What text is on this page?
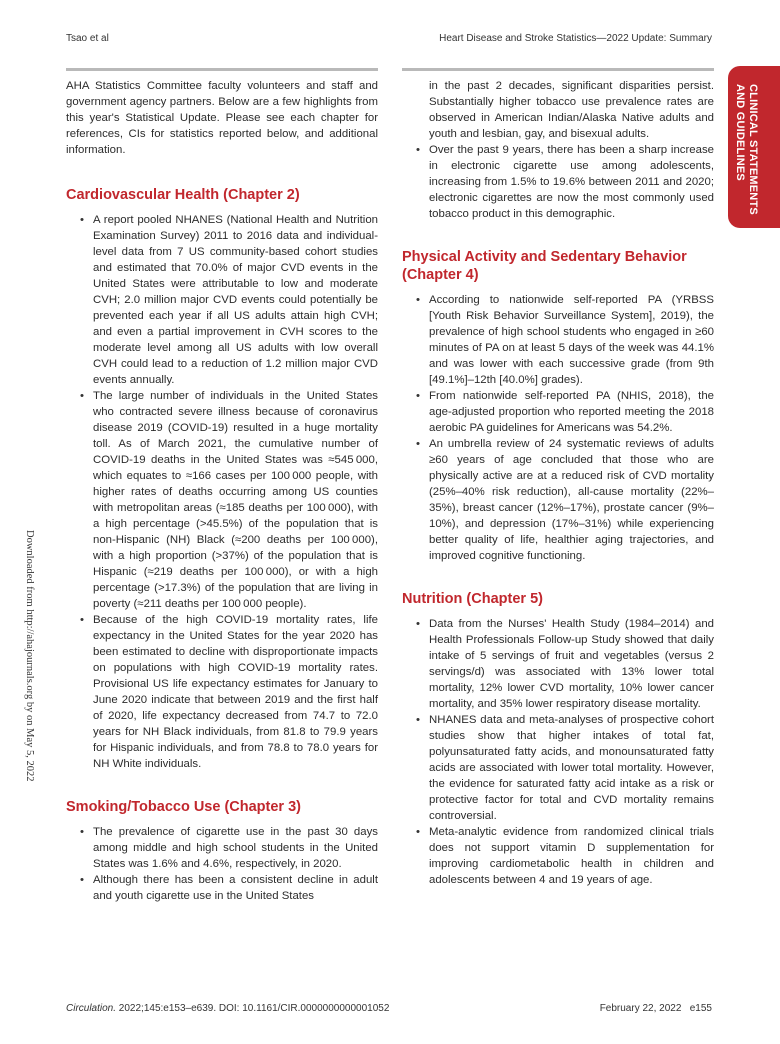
Tsao et al	Heart Disease and Stroke Statistics—2022 Update: Summary
CLINICAL STATEMENTS
AND GUIDELINES
Downloaded from http://ahajournals.org by on May 5, 2022

AHA Statistics Committee faculty volunteers and staff and government agency partners. Below are a few highlights from this year's Statistical Update. Please see each chapter for references, CIs for statistics reported below, and additional information.

Cardiovascular Health (Chapter 2)
• A report pooled NHANES (National Health and Nutrition Examination Survey) 2011 to 2016 data and individual-level data from 7 US community-based cohort studies and estimated that 70.0% of major CVD events in the United States were attributable to low and moderate CVH; 2.0 million major CVD events could potentially be prevented each year if all US adults attain high CVH; and even a partial improvement in CVH scores to the moderate level among all US adults with low overall CVH could lead to a reduction of 1.2 million major CVD events annually.
• The large number of individuals in the United States who contracted severe illness because of coronavirus disease 2019 (COVID-19) resulted in a huge mortality toll. As of March 2021, the cumulative number of COVID-19 deaths in the United States was ≈545 000, which equates to ≈166 cases per 100 000 people, with higher rates of deaths occurring among US counties with metropolitan areas (≈185 deaths per 100 000), with a high percentage (>45.5%) of the population that is non-Hispanic (NH) Black (≈200 deaths per 100 000), with a high proportion (>37%) of the population that is Hispanic (≈219 deaths per 100 000), or with a high percentage (>17.3%) of the population that are living in poverty (≈211 deaths per 100 000 people).
• Because of the high COVID-19 mortality rates, life expectancy in the United States for the year 2020 has been estimated to decline with disproportionate impacts on populations with high COVID-19 mortality rates. Provisional US life expectancy estimates for January to June 2020 indicate that between 2019 and the first half of 2020, life expectancy decreased from 74.7 to 72.0 years for NH Black individuals, from 81.8 to 79.9 years for Hispanic individuals, and from 78.8 to 78.0 years for NH White individuals.
Smoking/Tobacco Use (Chapter 3)
• The prevalence of cigarette use in the past 30 days among middle and high school students in the United States was 1.6% and 4.6%, respectively, in 2020.
• Although there has been a consistent decline in adult and youth cigarette use in the United States

in the past 2 decades, significant disparities persist. Substantially higher tobacco use prevalence rates are observed in American Indian/Alaska Native adults and youth and lesbian, gay, and bisexual adults.

• Over the past 9 years, there has been a sharp increase in electronic cigarette use among adolescents, increasing from 1.5% to 19.6% between 2011 and 2020; electronic cigarettes are now the most commonly used tobacco product in this demographic.
Physical Activity and Sedentary Behavior (Chapter 4)
• According to nationwide self-reported PA (YRBSS [Youth Risk Behavior Surveillance System], 2019), the prevalence of high school students who engaged in ≥60 minutes of PA on at least 5 days of the week was 44.1% and was lower with each successive grade (from 9th [49.1%]–12th [40.0%] grades).
• From nationwide self-reported PA (NHIS, 2018), the age-adjusted proportion who reported meeting the 2018 aerobic PA guidelines for Americans was 54.2%.
• An umbrella review of 24 systematic reviews of adults ≥60 years of age concluded that those who are physically active are at a reduced risk of CVD mortality (25%–40% risk reduction), all-cause mortality (22%–35%), breast cancer (12%–17%), prostate cancer (9%–10%), and depression (17%–31%) while experiencing better quality of life, healthier aging trajectories, and improved cognitive functioning.
Nutrition (Chapter 5)
• Data from the Nurses' Health Study (1984–2014) and Health Professionals Follow-up Study showed that daily intake of 5 servings of fruit and vegetables (versus 2 servings/d) was associated with 13% lower total mortality, 12% lower CVD mortality, 10% lower cancer mortality, and 35% lower respiratory disease mortality.
• NHANES data and meta-analyses of prospective cohort studies show that higher intakes of total fat, polyunsaturated fatty acids, and monounsaturated fatty acids are associated with lower total mortality. However, the evidence for saturated fatty acid intake as a risk or protective factor for total and CVD mortality remains controversial.
• Meta-analytic evidence from randomized clinical trials does not support vitamin D supplementation for improving cardiometabolic health in children and adolescents between 4 and 19 years of age.
Circulation. 2022;145:e153–e639. DOI: 10.1161/CIR.0000000000001052	February 22, 2022   e155
